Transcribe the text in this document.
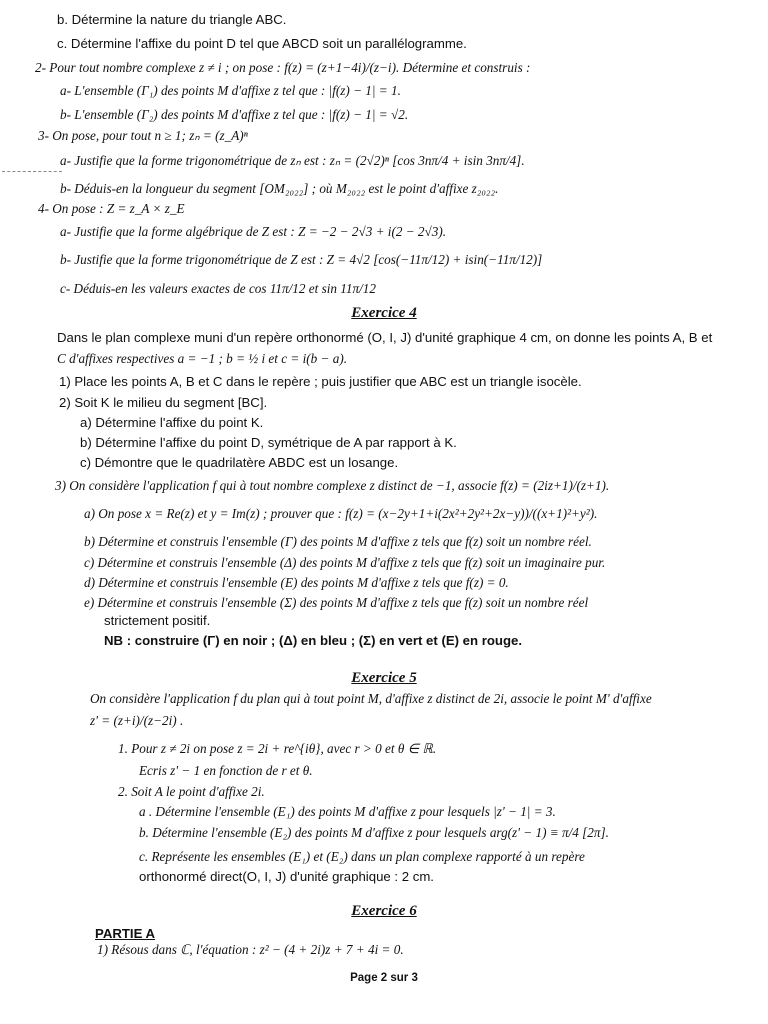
b. Détermine la nature du triangle ABC.
c. Détermine l'affixe du point D tel que ABCD soit un parallélogramme.
2- Pour tout nombre complexe z ≠ i ; on pose : f(z) = (z+1−4i)/(z−i). Détermine et construis :
a- L'ensemble (Γ₁) des points M d'affixe z tel que : |f(z) − 1| = 1.
b- L'ensemble (Γ₂) des points M d'affixe z tel que : |f(z) − 1| = √2.
3- On pose, pour tout n ≥ 1; zₙ = (z_A)ⁿ
a- Justifie que la forme trigonométrique de zₙ est : zₙ = (2√2)ⁿ [cos 3nπ/4 + isin 3nπ/4].
b- Déduis-en la longueur du segment [OM₂₀₂₂] ; où M₂₀₂₂ est le point d'affixe z₂₀₂₂.
4- On pose : Z = z_A × z_E
a- Justifie que la forme algébrique de Z est : Z = −2 − 2√3 + i(2 − 2√3).
b- Justifie que la forme trigonométrique de Z est : Z = 4√2 [cos(−11π/12) + isin(−11π/12)]
c- Déduis-en les valeurs exactes de cos 11π/12 et sin 11π/12
Exercice 4
Dans le plan complexe muni d'un repère orthonormé (O, I, J) d'unité graphique 4 cm, on donne les points A, B et
C d'affixes respectives a = −1 ; b = ½ i et c = i(b − a).
1) Place les points A, B et C dans le repère ; puis justifier que ABC est un triangle isocèle.
2) Soit K le milieu du segment [BC].
a) Détermine l'affixe du point K.
b) Détermine l'affixe du point D, symétrique de A par rapport à K.
c) Démontre que le quadrilatère ABDC est un losange.
3) On considère l'application f qui à tout nombre complexe z distinct de −1, associe f(z) = (2iz+1)/(z+1).
a) On pose x = Re(z) et y = Im(z) ; prouver que : f(z) = (x−2y+1+i(2x²+2y²+2x−y))/((x+1)²+y²).
b) Détermine et construis l'ensemble (Γ) des points M d'affixe z tels que f(z) soit un nombre réel.
c) Détermine et construis l'ensemble (Δ) des points M d'affixe z tels que f(z) soit un imaginaire pur.
d) Détermine et construis l'ensemble (E) des points M d'affixe z tels que f(z) = 0.
e) Détermine et construis l'ensemble (Σ) des points M d'affixe z tels que f(z) soit un nombre réel
strictement positif.
NB : construire (Γ) en noir ; (Δ) en bleu ; (Σ) en vert et (E) en rouge.
Exercice 5
On considère l'application f du plan qui à tout point M, d'affixe z distinct de 2i, associe le point M' d'affixe
z' = (z+i)/(z−2i) .
1. Pour z ≠ 2i on pose z = 2i + re^{iθ}, avec r > 0 et θ ∈ ℝ.
Ecris z' − 1 en fonction de r et θ.
2. Soit A le point d'affixe 2i.
a . Détermine l'ensemble (E₁) des points M d'affixe z pour lesquels |z' − 1| = 3.
b. Détermine l'ensemble (E₂) des points M d'affixe z pour lesquels arg(z' − 1) ≡ π/4 [2π].
c. Représente les ensembles (E₁) et (E₂) dans un plan complexe rapporté à un repère
orthonormé direct(O, I, J) d'unité graphique : 2 cm.
Exercice 6
PARTIE A
1) Résous dans ℂ, l'équation : z² − (4 + 2i)z + 7 + 4i = 0.
Page 2 sur 3
